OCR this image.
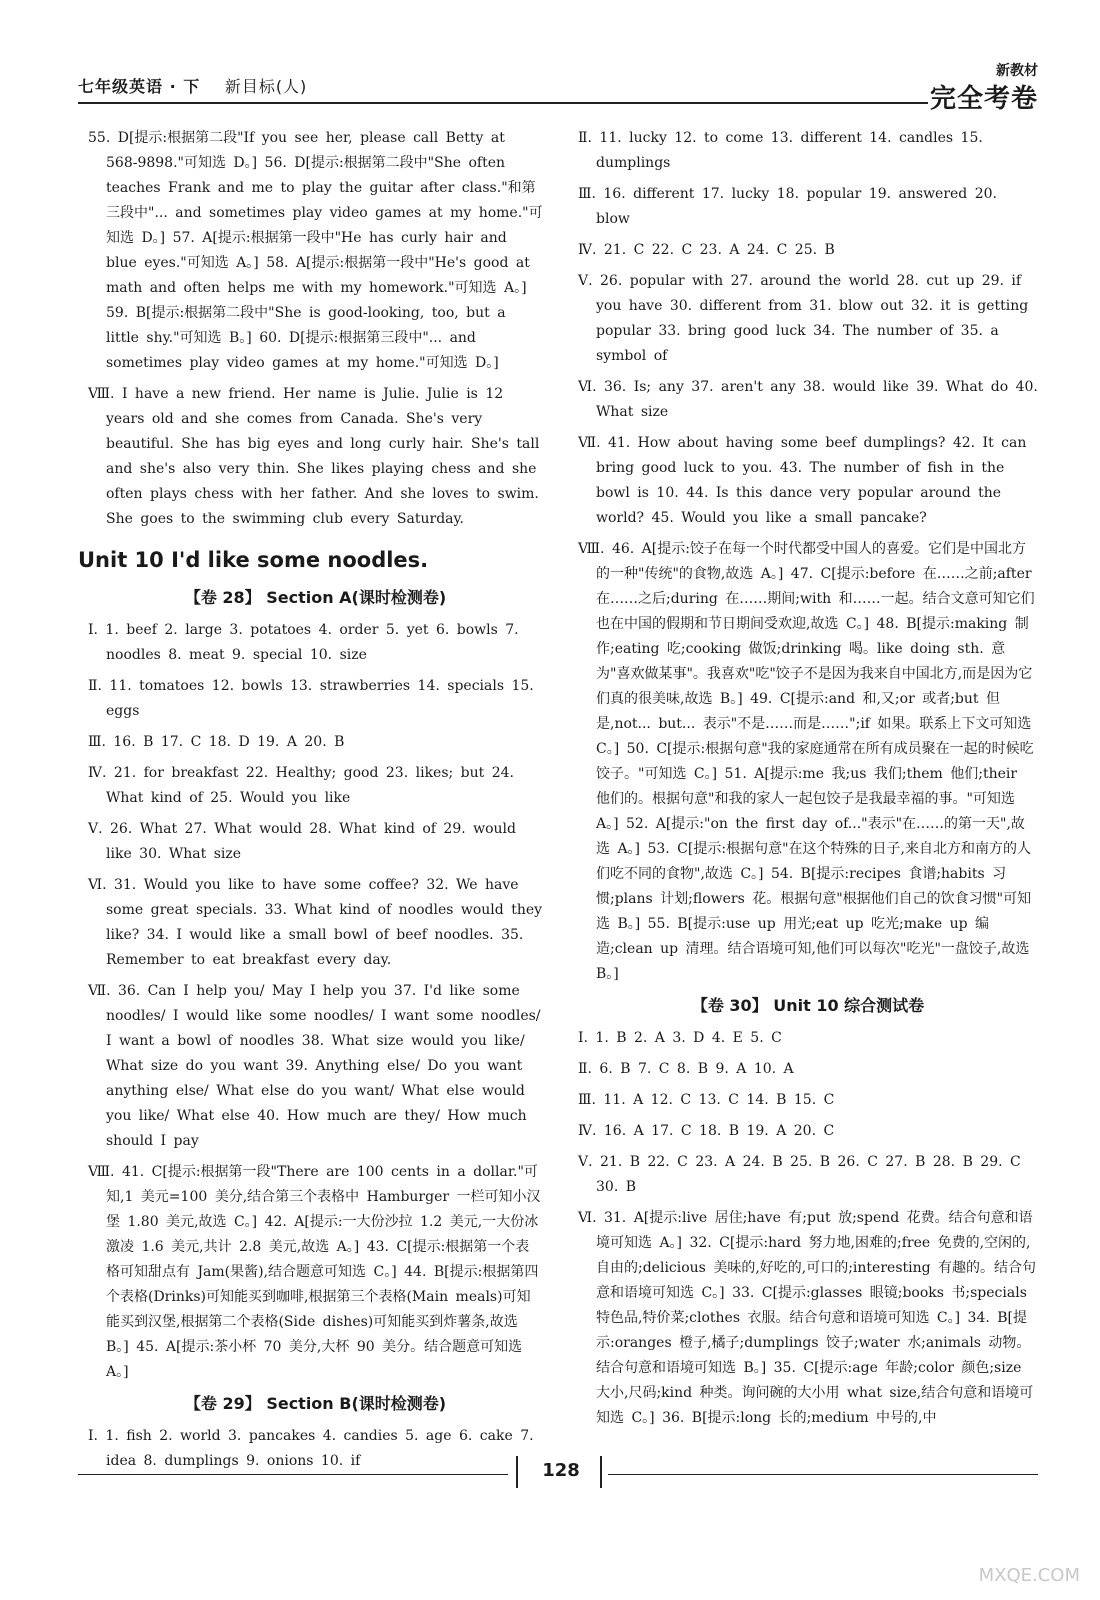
七年级英语 · 下 新目标(人)
新教材
完全考卷

55. D[提示:根据第二段"If you see her, please call Betty at 568-9898."可知选 D。] 56. D[提示:根据第二段中"She often teaches Frank and me to play the guitar after class."和第三段中"... and sometimes play video games at my home."可知选 D。] 57. A[提示:根据第一段中"He has curly hair and blue eyes."可知选 A。] 58. A[提示:根据第一段中"He's good at math and often helps me with my homework."可知选 A。] 59. B[提示:根据第二段中"She is good-looking, too, but a little shy."可知选 B。] 60. D[提示:根据第三段中"... and sometimes play video games at my home."可知选 D。]

Ⅷ. I have a new friend. Her name is Julie. Julie is 12 years old and she comes from Canada. She's very beautiful. She has big eyes and long curly hair. She's tall and she's also very thin. She likes playing chess and she often plays chess with her father. And she loves to swim. She goes to the swimming club every Saturday.

Unit 10 I'd like some noodles.
【卷 28】 Section A(课时检测卷)

Ⅰ. 1. beef 2. large 3. potatoes 4. order 5. yet 6. bowls 7. noodles 8. meat 9. special 10. size

Ⅱ. 11. tomatoes 12. bowls 13. strawberries 14. specials 15. eggs

Ⅲ. 16. B 17. C 18. D 19. A 20. B

Ⅳ. 21. for breakfast 22. Healthy; good 23. likes; but 24. What kind of 25. Would you like

Ⅴ. 26. What 27. What would 28. What kind of 29. would like 30. What size

Ⅵ. 31. Would you like to have some coffee? 32. We have some great specials. 33. What kind of noodles would they like? 34. I would like a small bowl of beef noodles. 35. Remember to eat breakfast every day.

Ⅶ. 36. Can I help you/ May I help you 37. I'd like some noodles/ I would like some noodles/ I want some noodles/ I want a bowl of noodles 38. What size would you like/ What size do you want 39. Anything else/ Do you want anything else/ What else do you want/ What else would you like/ What else 40. How much are they/ How much should I pay

Ⅷ. 41. C[提示:根据第一段"There are 100 cents in a dollar."可知,1 美元=100 美分,结合第三个表格中 Hamburger 一栏可知小汉堡 1.80 美元,故选 C。] 42. A[提示:一大份沙拉 1.2 美元,一大份冰激凌 1.6 美元,共计 2.8 美元,故选 A。] 43. C[提示:根据第一个表格可知甜点有 Jam(果酱),结合题意可知选 C。] 44. B[提示:根据第四个表格(Drinks)可知能买到咖啡,根据第三个表格(Main meals)可知能买到汉堡,根据第二个表格(Side dishes)可知能买到炸薯条,故选 B。] 45. A[提示:茶小杯 70 美分,大杯 90 美分。结合题意可知选 A。]

【卷 29】 Section B(课时检测卷)

Ⅰ. 1. fish 2. world 3. pancakes 4. candies 5. age 6. cake 7. idea 8. dumplings 9. onions 10. if

Ⅱ. 11. lucky 12. to come 13. different 14. candles 15. dumplings

Ⅲ. 16. different 17. lucky 18. popular 19. answered 20. blow

Ⅳ. 21. C 22. C 23. A 24. C 25. B

Ⅴ. 26. popular with 27. around the world 28. cut up 29. if you have 30. different from 31. blow out 32. it is getting popular 33. bring good luck 34. The number of 35. a symbol of

Ⅵ. 36. Is; any 37. aren't any 38. would like 39. What do 40. What size

Ⅶ. 41. How about having some beef dumplings? 42. It can bring good luck to you. 43. The number of fish in the bowl is 10. 44. Is this dance very popular around the world? 45. Would you like a small pancake?

Ⅷ. 46. A[提示:饺子在每一个时代都受中国人的喜爱。它们是中国北方的一种"传统"的食物,故选 A。] 47. C[提示:before 在……之前;after 在……之后;during 在……期间;with 和……一起。结合文意可知它们也在中国的假期和节日期间受欢迎,故选 C。] 48. B[提示:making 制作;eating 吃;cooking 做饭;drinking 喝。like doing sth. 意为"喜欢做某事"。我喜欢"吃"饺子不是因为我来自中国北方,而是因为它们真的很美味,故选 B。] 49. C[提示:and 和,又;or 或者;but 但是,not... but... 表示"不是……而是……";if 如果。联系上下文可知选 C。] 50. C[提示:根据句意"我的家庭通常在所有成员聚在一起的时候吃饺子。"可知选 C。] 51. A[提示:me 我;us 我们;them 他们;their 他们的。根据句意"和我的家人一起包饺子是我最幸福的事。"可知选 A。] 52. A[提示:"on the first day of..."表示"在……的第一天",故选 A。] 53. C[提示:根据句意"在这个特殊的日子,来自北方和南方的人们吃不同的食物",故选 C。] 54. B[提示:recipes 食谱;habits 习惯;plans 计划;flowers 花。根据句意"根据他们自己的饮食习惯"可知选 B。] 55. B[提示:use up 用光;eat up 吃光;make up 编造;clean up 清理。结合语境可知,他们可以每次"吃光"一盘饺子,故选 B。]

【卷 30】 Unit 10 综合测试卷

Ⅰ. 1. B 2. A 3. D 4. E 5. C

Ⅱ. 6. B 7. C 8. B 9. A 10. A

Ⅲ. 11. A 12. C 13. C 14. B 15. C

Ⅳ. 16. A 17. C 18. B 19. A 20. C

Ⅴ. 21. B 22. C 23. A 24. B 25. B 26. C 27. B 28. B 29. C 30. B

Ⅵ. 31. A[提示:live 居住;have 有;put 放;spend 花费。结合句意和语境可知选 A。] 32. C[提示:hard 努力地,困难的;free 免费的,空闲的,自由的;delicious 美味的,好吃的,可口的;interesting 有趣的。结合句意和语境可知选 C。] 33. C[提示:glasses 眼镜;books 书;specials 特色品,特价菜;clothes 衣服。结合句意和语境可知选 C。] 34. B[提示:oranges 橙子,橘子;dumplings 饺子;water 水;animals 动物。结合句意和语境可知选 B。] 35. C[提示:age 年龄;color 颜色;size 大小,尺码;kind 种类。询问碗的大小用 what size,结合句意和语境可知选 C。] 36. B[提示:long 长的;medium 中号的,中

128
MXQE.COM
